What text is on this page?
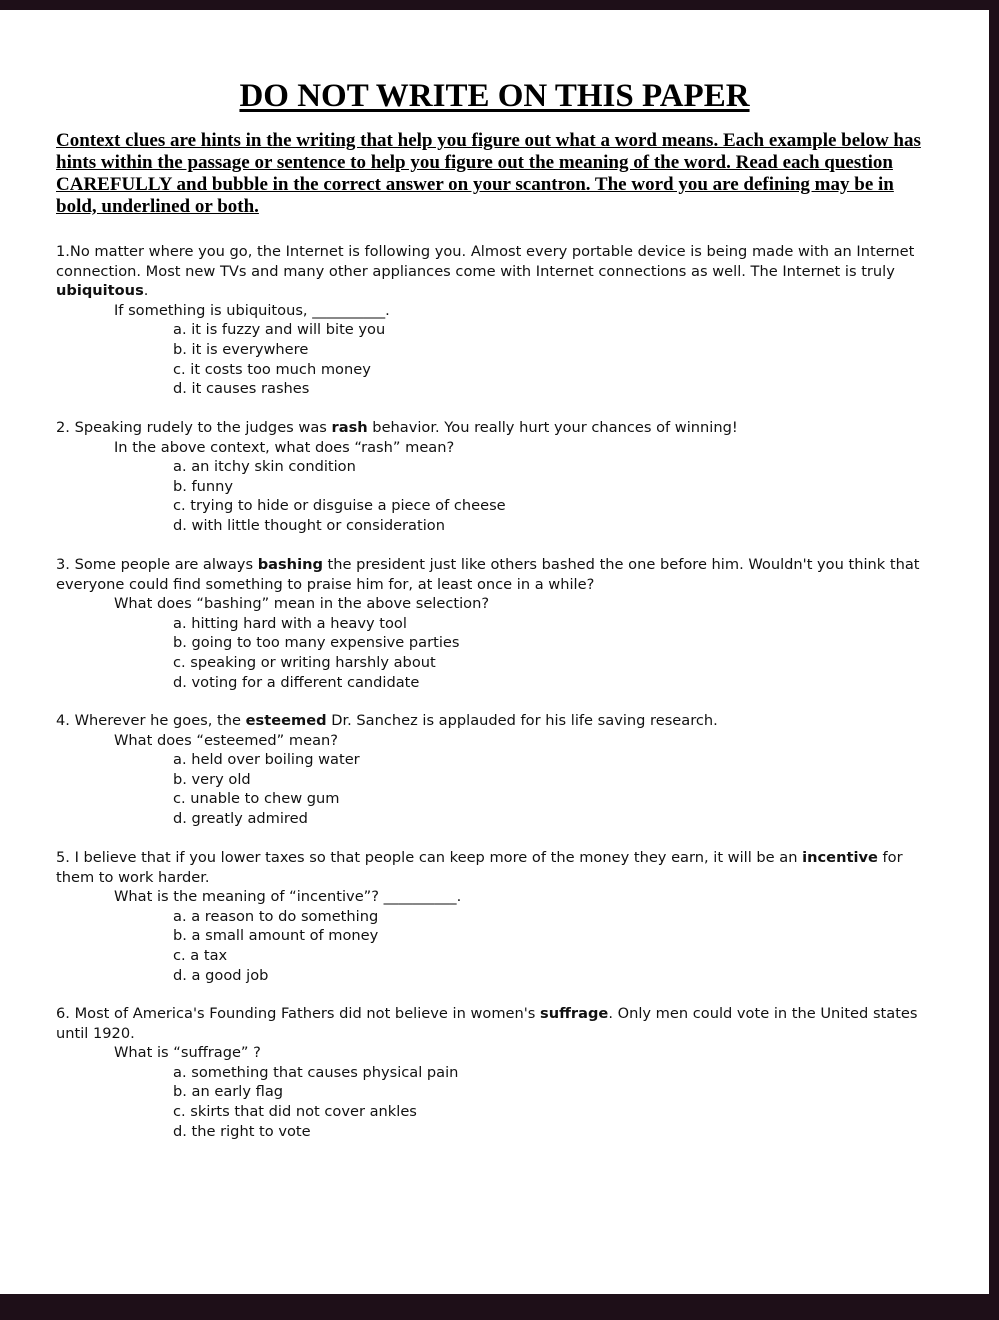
DO NOT WRITE ON THIS PAPER

Context clues are hints in the writing that help you figure out what a word means. Each example below has hints within the passage or sentence to help you figure out the meaning of the word. Read each question CAREFULLY and bubble in the correct answer on your scantron. The word you are defining may be in bold, underlined or both.

1.No matter where you go, the Internet is following you. Almost every portable device is being made with an Internet connection. Most new TVs and many other appliances come with Internet connections as well. The Internet is truly ubiquitous.

If something is ubiquitous, __________.

a. it is fuzzy and will bite you

b. it is everywhere

c. it costs too much money

d. it causes rashes

2. Speaking rudely to the judges was rash behavior. You really hurt your chances of winning!

In the above context, what does “rash” mean?

a. an itchy skin condition

b. funny

c. trying to hide or disguise a piece of cheese

d. with little thought or consideration

3. Some people are always bashing the president just like others bashed the one before him. Wouldn't you think that everyone could find something to praise him for, at least once in a while?

What does “bashing” mean in the above selection?

a. hitting hard with a heavy tool

b. going to too many expensive parties

c. speaking or writing harshly about

d. voting for a different candidate

4. Wherever he goes, the esteemed Dr. Sanchez is applauded for his life saving research.

What does “esteemed” mean?

a. held over boiling water

b. very old

c. unable to chew gum

d. greatly admired

5. I believe that if you lower taxes so that people can keep more of the money they earn, it will be an incentive for them to work harder.

What is the meaning of “incentive”? __________.

a. a reason to do something

b. a small amount of money

c. a tax

d. a good job

6. Most of America's Founding Fathers did not believe in women's suffrage. Only men could vote in the United states until 1920.

What is “suffrage” ?

a. something that causes physical pain

b. an early flag

c. skirts that did not cover ankles

d. the right to vote
